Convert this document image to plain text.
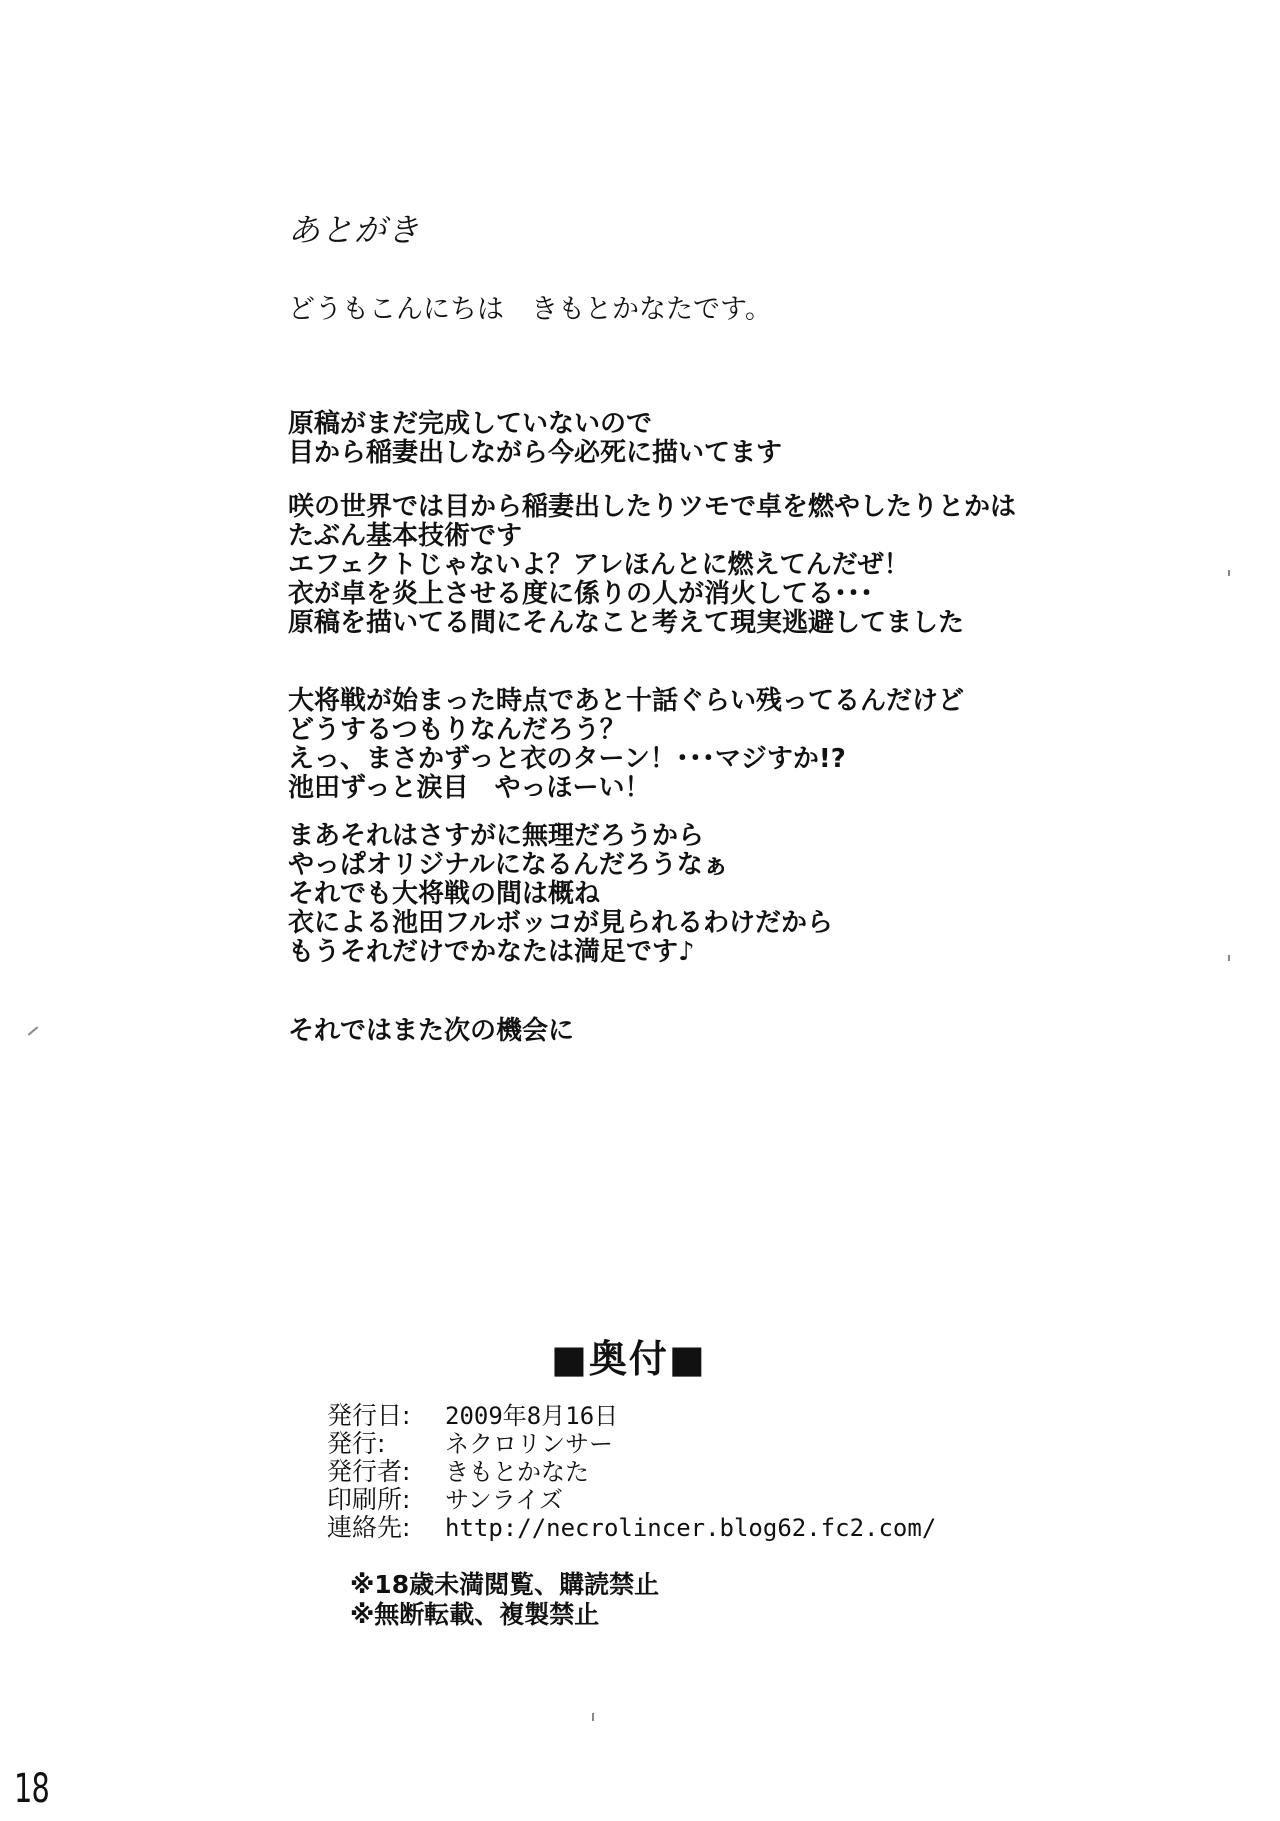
あとがき
どうもこんにちは　きもとかなたです。
原稿がまだ完成していないので
目から稲妻出しながら今必死に描いてます
咲の世界では目から稲妻出したりツモで卓を燃やしたりとかは
たぶん基本技術です
エフェクトじゃないよ？アレほんとに燃えてんだぜ！
衣が卓を炎上させる度に係りの人が消火してる･･･
原稿を描いてる間にそんなこと考えて現実逃避してました
大将戦が始まった時点であと十話ぐらい残ってるんだけど
どうするつもりなんだろう？
えっ、まさかずっと衣のターン！･･･マジすか!?
池田ずっと涙目　やっほーい！
まあそれはさすがに無理だろうから
やっぱオリジナルになるんだろうなぁ
それでも大将戦の間は概ね
衣による池田フルボッコが見られるわけだから
もうそれだけでかなたは満足です♪
それではまた次の機会に
■奥付■
発行日:	2009年8月16日
発行:	ネクロリンサー
発行者:	きもとかなた
印刷所:	サンライズ
連絡先:	http://necrolincer.blog62.fc2.com/
※18歳未満閲覧、購読禁止
※無断転載、複製禁止
18
